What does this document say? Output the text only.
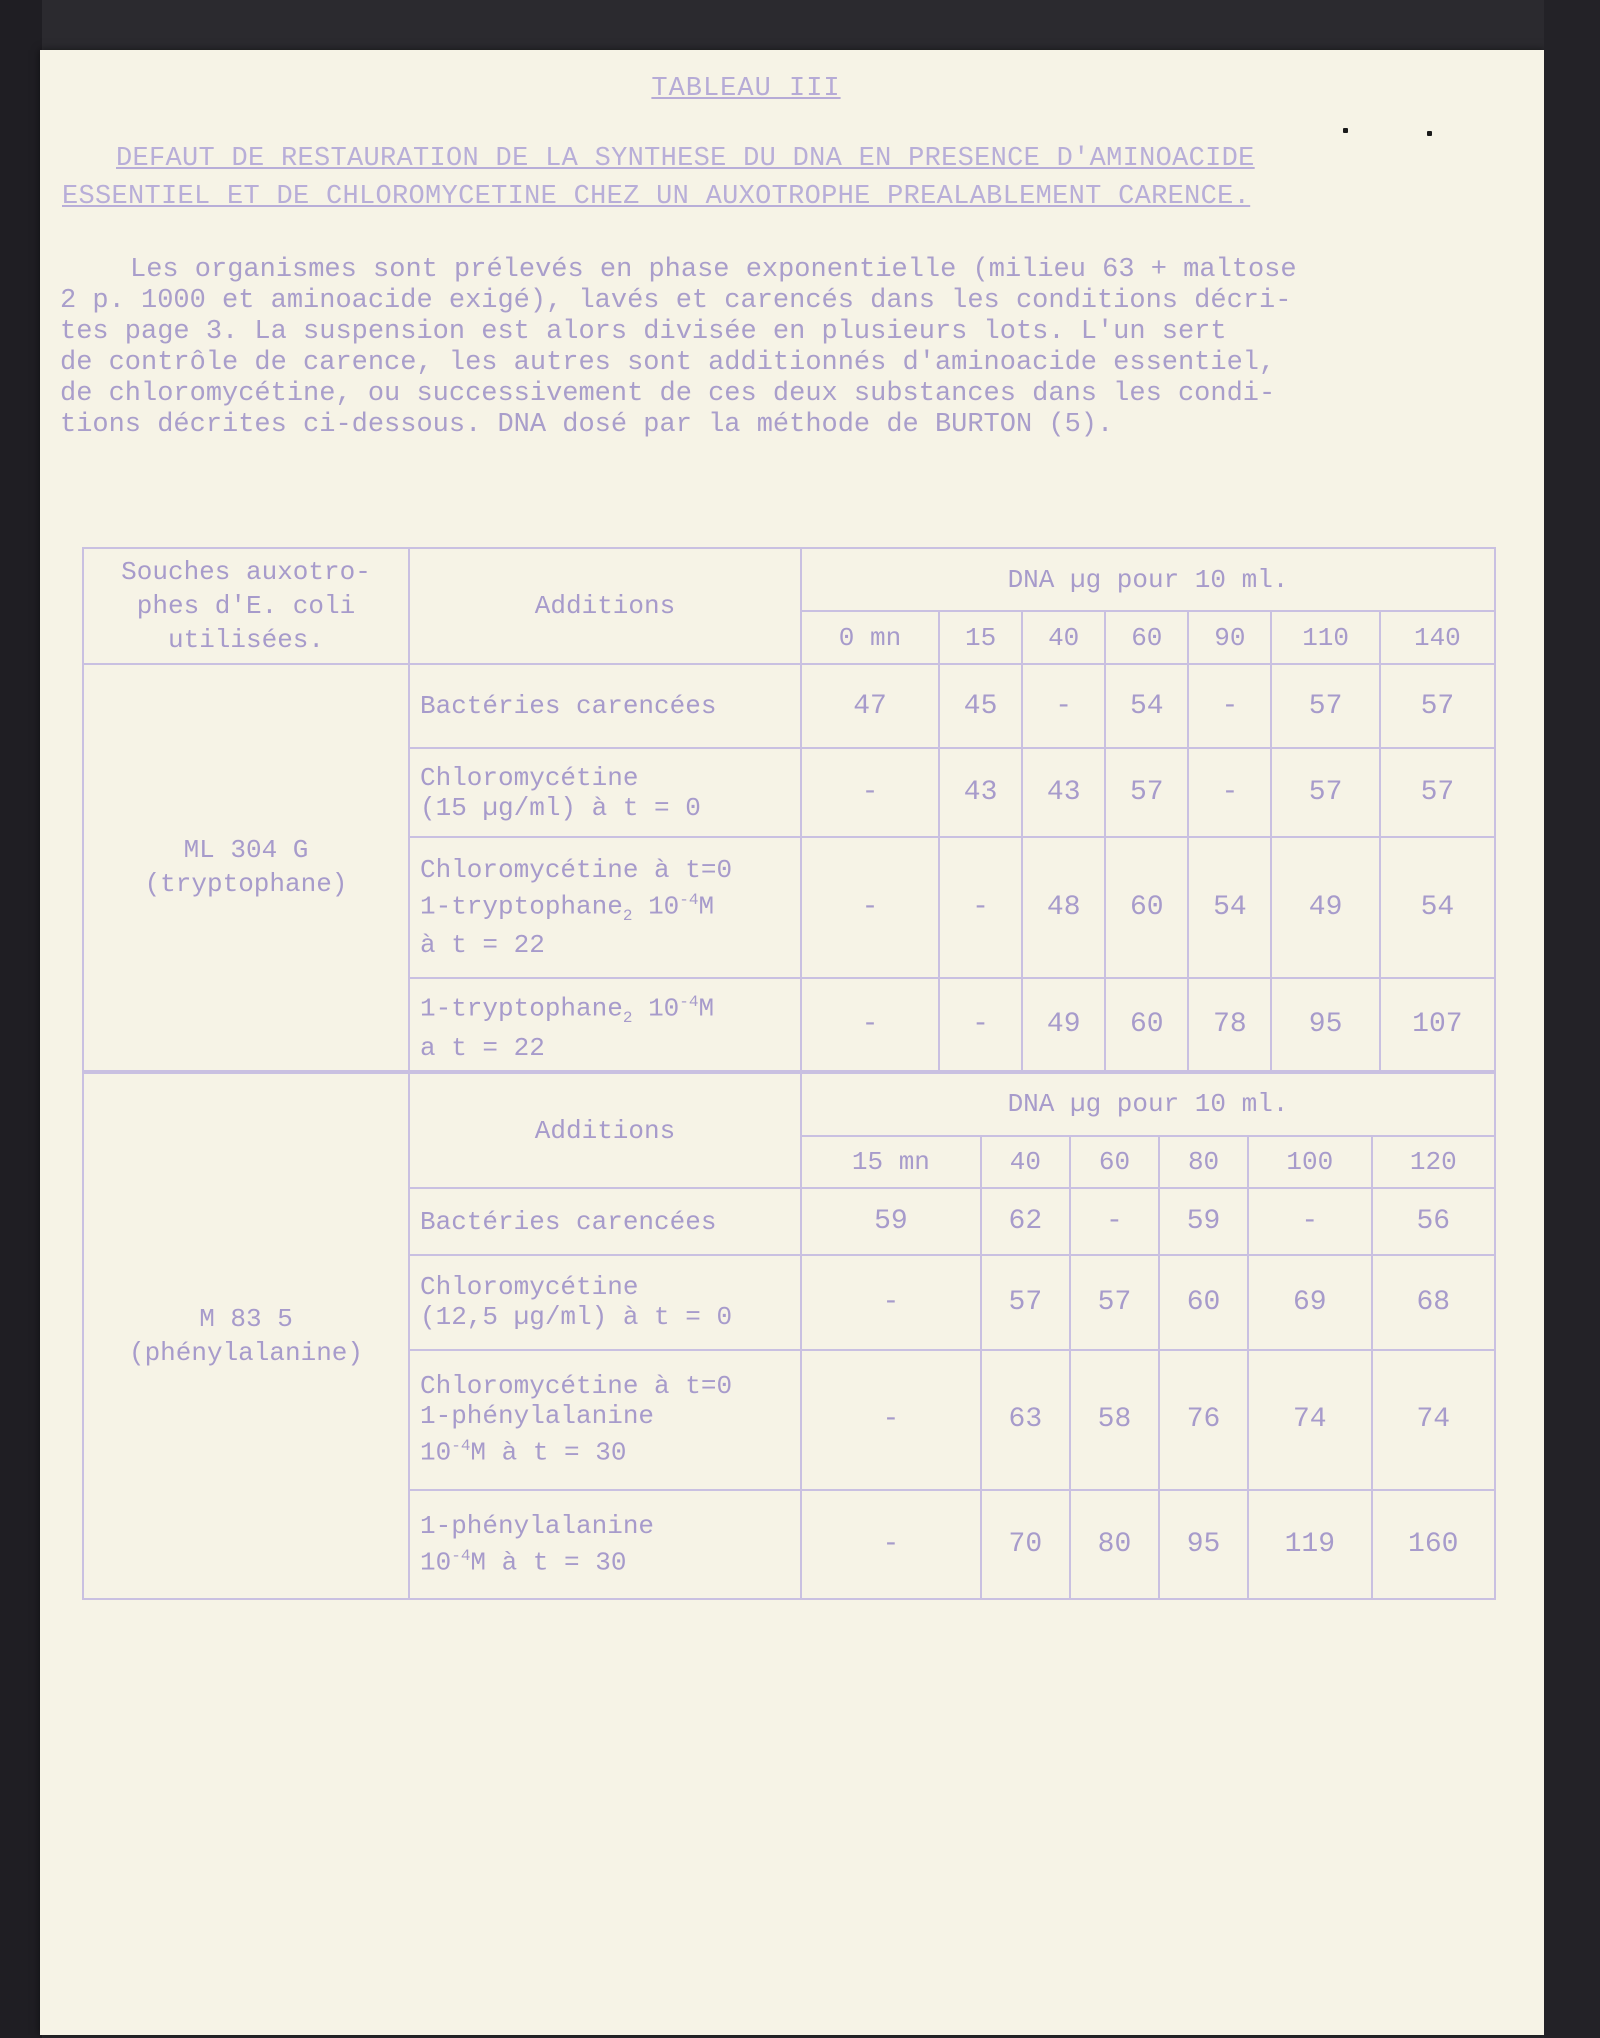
TABLEAU III
DEFAUT DE RESTAURATION DE LA SYNTHESE DU DNA EN PRESENCE D'AMINOACIDE
ESSENTIEL ET DE CHLOROMYCETINE CHEZ UN AUXOTROPHE PREALABLEMENT CARENCE.
Les organismes sont prélevés en phase exponentielle (milieu 63 + maltose
2 p. 1000 et aminoacide exigé), lavés et carencés dans les conditions décri-
tes page 3. La suspension est alors divisée en plusieurs lots. L'un sert
de contrôle de carence, les autres sont additionnés d'aminoacide essentiel,
de chloromycétine, ou successivement de ces deux substances dans les condi-
tions décrites ci-dessous. DNA dosé par la méthode de BURTON (5).
Souches auxotro-
phes d'E. coli
utilisées.	Additions	DNA µg pour 10 ml.						
		0 mn	15	40	60	90	110	140

ML 304 G
(tryptophane)	Bactéries carencées	47	45	-	54	-	57	57

	Chloromycétine
(15 µg/ml) à t = 0	-	43	43	57	-	57	57

	Chloromycétine à t=0
1-tryptophane$_2$ $10^{-4}M$
à t = 22	-	-	48	60	54	49	54

	1-tryptophane$_2$ $10^{-4}M$
a t = 22	-	-	49	60	78	95	107
M 83 5
(phénylalanine)	Additions	DNA µg pour 10 ml.					
		15 mn	40	60	80	100	120
	Bactéries carencées	59	62	-	59	-	56

	Chloromycétine
(12,5 µg/ml) à t = 0	-	57	57	60	69	68

	Chloromycétine à t=0
1-phénylalanine
$10^{-4}M$ à t = 30	-	63	58	76	74	74

	1-phénylalanine
$10^{-4}M$ à t = 30	-	70	80	95	119	160
